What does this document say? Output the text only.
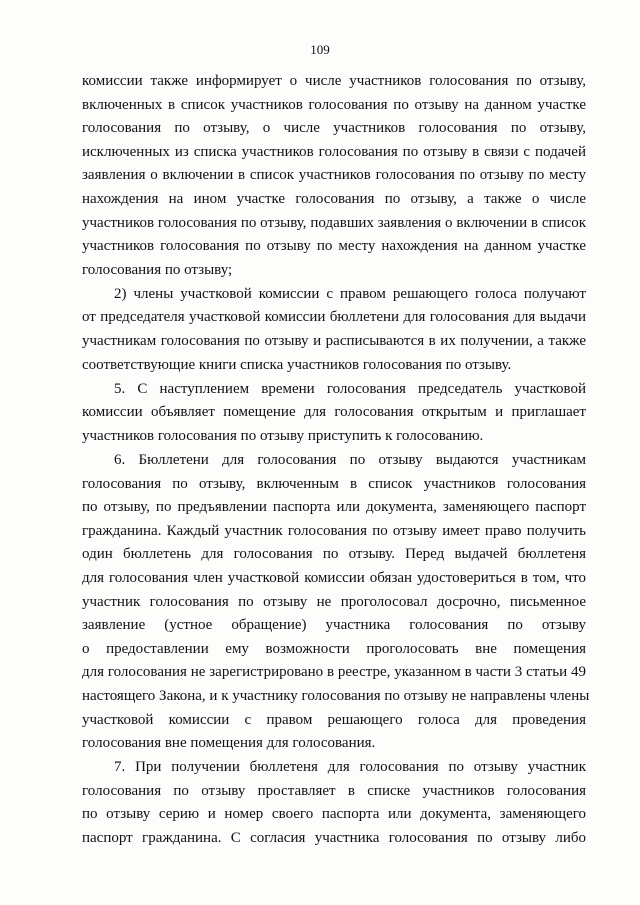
109
комиссии также информирует о числе участников голосования по отзыву,
включенных в список участников голосования по отзыву на данном участке
голосования по отзыву, о числе участников голосования по отзыву,
исключенных из списка участников голосования по отзыву в связи с подачей
заявления о включении в список участников голосования по отзыву по месту
нахождения на ином участке голосования по отзыву, а также о числе
участников голосования по отзыву, подавших заявления о включении в список
участников голосования по отзыву по месту нахождения на данном участке
голосования по отзыву;
2) члены участковой комиссии с правом решающего голоса получают
от председателя участковой комиссии бюллетени для голосования для выдачи
участникам голосования по отзыву и расписываются в их получении, а также
соответствующие книги списка участников голосования по отзыву.
5. С наступлением времени голосования председатель участковой
комиссии объявляет помещение для голосования открытым и приглашает
участников голосования по отзыву приступить к голосованию.
6. Бюллетени для голосования по отзыву выдаются участникам
голосования по отзыву, включенным в список участников голосования
по отзыву, по предъявлении паспорта или документа, заменяющего паспорт
гражданина. Каждый участник голосования по отзыву имеет право получить
один бюллетень для голосования по отзыву. Перед выдачей бюллетеня
для голосования член участковой комиссии обязан удостовериться в том, что
участник голосования по отзыву не проголосовал досрочно, письменное
заявление (устное обращение) участника голосования по отзыву
о предоставлении ему возможности проголосовать вне помещения
для голосования не зарегистрировано в реестре, указанном в части 3 статьи 49
настоящего Закона, и к участнику голосования по отзыву не направлены члены
участковой комиссии с правом решающего голоса для проведения
голосования вне помещения для голосования.
7. При получении бюллетеня для голосования по отзыву участник
голосования по отзыву проставляет в списке участников голосования
по отзыву серию и номер своего паспорта или документа, заменяющего
паспорт гражданина. С согласия участника голосования по отзыву либо
